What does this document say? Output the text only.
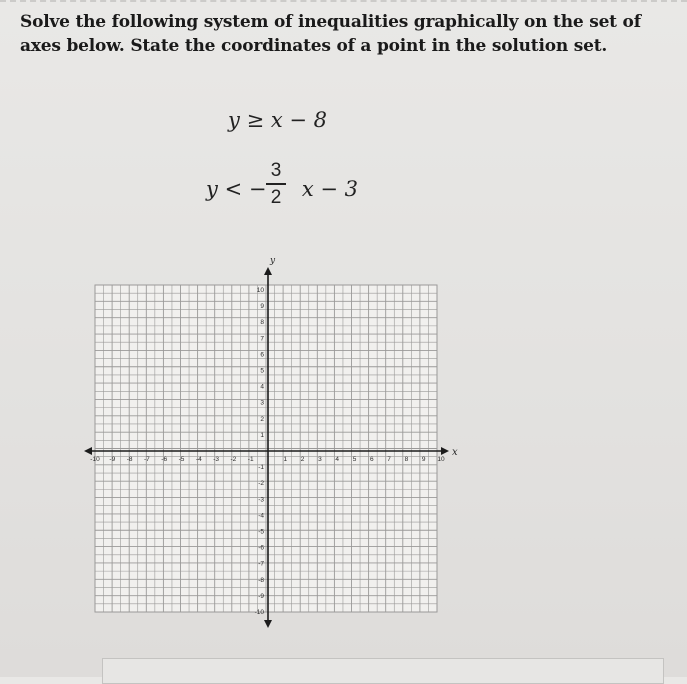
Solve the following system of inequalities graphically on the set of axes below. State the coordinates of a point in the solution set.
y ≥ x − 8
y < − x − 3
3
2
x
y
-10 -9 -8 -7 -6 -5 -4 -3 -2 -1	1 2 3 4 5 6 7 8 9 10
10
9
8
7
6
5
4
3
2
1
-1
-2
-3
-4
-5
-6
-7
-8
-9
-10
